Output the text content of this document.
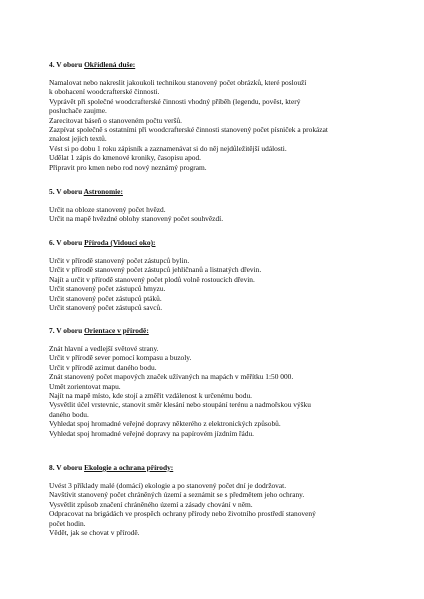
4. V oboru Okřídlená duše:

Namalovat nebo nakreslit jakoukoli technikou stanovený počet obrázků, které poslouží

k obohacení woodcrafterské činnosti.

Vyprávět při společné woodcrafterské činnosti vhodný příběh (legendu, pověst, který

posluchače zaujme.

Zarecitovat báseň o stanoveném počtu veršů.

Zazpívat společně s ostatními při woodcrafterské činnosti stanovený počet písniček a prokázat

znalost jejich textů.

Vést si po dobu 1 roku zápisník a zaznamenávat si do něj nejdůležitější události.

Udělat 1 zápis do kmenové kroniky, časopisu apod.

Připravit pro kmen nebo rod nový neznámý program.

5. V oboru Astronomie:

Určit na obloze stanovený počet hvězd.

Určit na mapě hvězdné oblohy stanovený počet souhvězdí.

6. V oboru Příroda (Vidoucí oko):

Určit v přírodě stanovený počet zástupců bylin.

Určit v přírodě stanovený počet zástupců jehličnanů a listnatých dřevin.

Najít a určit v přírodě stanovený počet plodů volně rostoucích dřevin.

Určit stanovený počet zástupců hmyzu.

Určit stanovený počet zástupců ptáků.

Určit stanovený počet zástupců savců.

7. V oboru Orientace v přírodě:

Znát hlavní a vedlejší světové strany.

Určit v přírodě sever pomocí kompasu a buzoly.

Určit v přírodě azimut daného bodu.

Znát stanovený počet mapových značek užívaných na mapách v měřítku 1:50 000.

Umět zorientovat mapu.

Najít na mapě místo, kde stojí a změřit vzdálenost k určenému bodu.

Vysvětlit účel vrstevnic, stanovit směr klesání nebo stoupání terénu a nadmořskou výšku

daného bodu.

Vyhledat spoj hromadné veřejné dopravy některého z elektronických způsobů.

Vyhledat spoj hromadné veřejné dopravy na papírovém jízdním řádu.

8. V oboru Ekologie a ochrana přírody:

Uvést 3 příklady malé (domácí) ekologie a po stanovený počet dní je dodržovat.

Navštívit stanovený počet chráněných území a seznámit se s předmětem jeho ochrany.

Vysvětlit způsob značení chráněného území a zásady chování v něm.

Odpracovat na brigádách ve prospěch ochrany přírody nebo životního prostředí stanovený

počet hodin.

Vědět, jak se chovat v přírodě.
